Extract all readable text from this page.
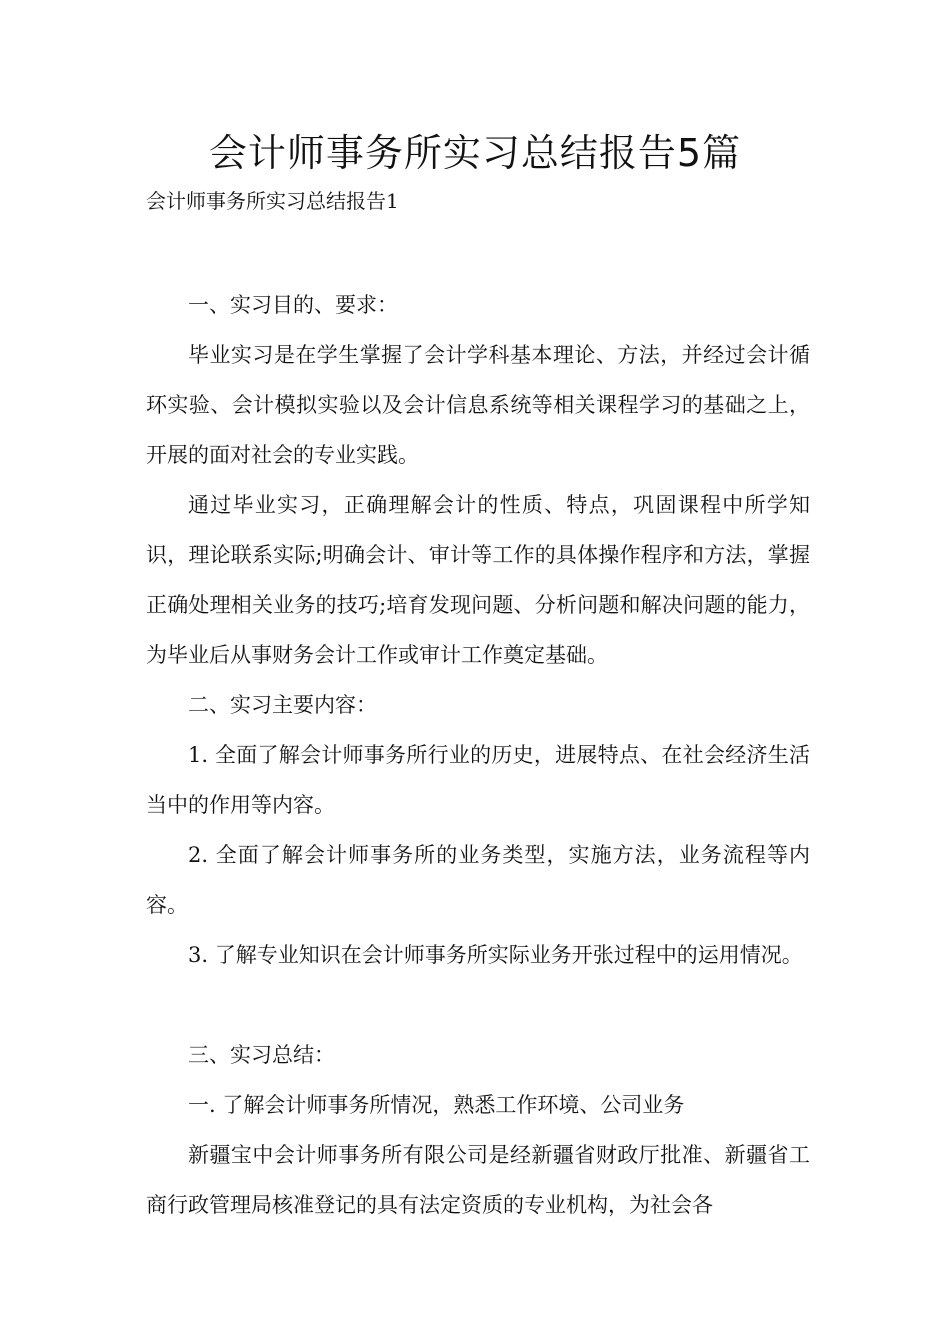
会计师事务所实习总结报告5篇

会计师事务所实习总结报告1

一、实习目的、要求：

毕业实习是在学生掌握了会计学科基本理论、方法，并经过会计循环实验、会计模拟实验以及会计信息系统等相关课程学习的基础之上，开展的面对社会的专业实践。

通过毕业实习，正确理解会计的性质、特点，巩固课程中所学知识，理论联系实际;明确会计、审计等工作的具体操作程序和方法，掌握正确处理相关业务的技巧;培育发现问题、分析问题和解决问题的能力，为毕业后从事财务会计工作或审计工作奠定基础。

二、实习主要内容：

1. 全面了解会计师事务所行业的历史，进展特点、在社会经济生活当中的作用等内容。

2. 全面了解会计师事务所的业务类型，实施方法，业务流程等内容。

3. 了解专业知识在会计师事务所实际业务开张过程中的运用情况。

三、实习总结：

一. 了解会计师事务所情况，熟悉工作环境、公司业务

新疆宝中会计师事务所有限公司是经新疆省财政厅批准、新疆省工商行政管理局核准登记的具有法定资质的专业机构，为社会各
